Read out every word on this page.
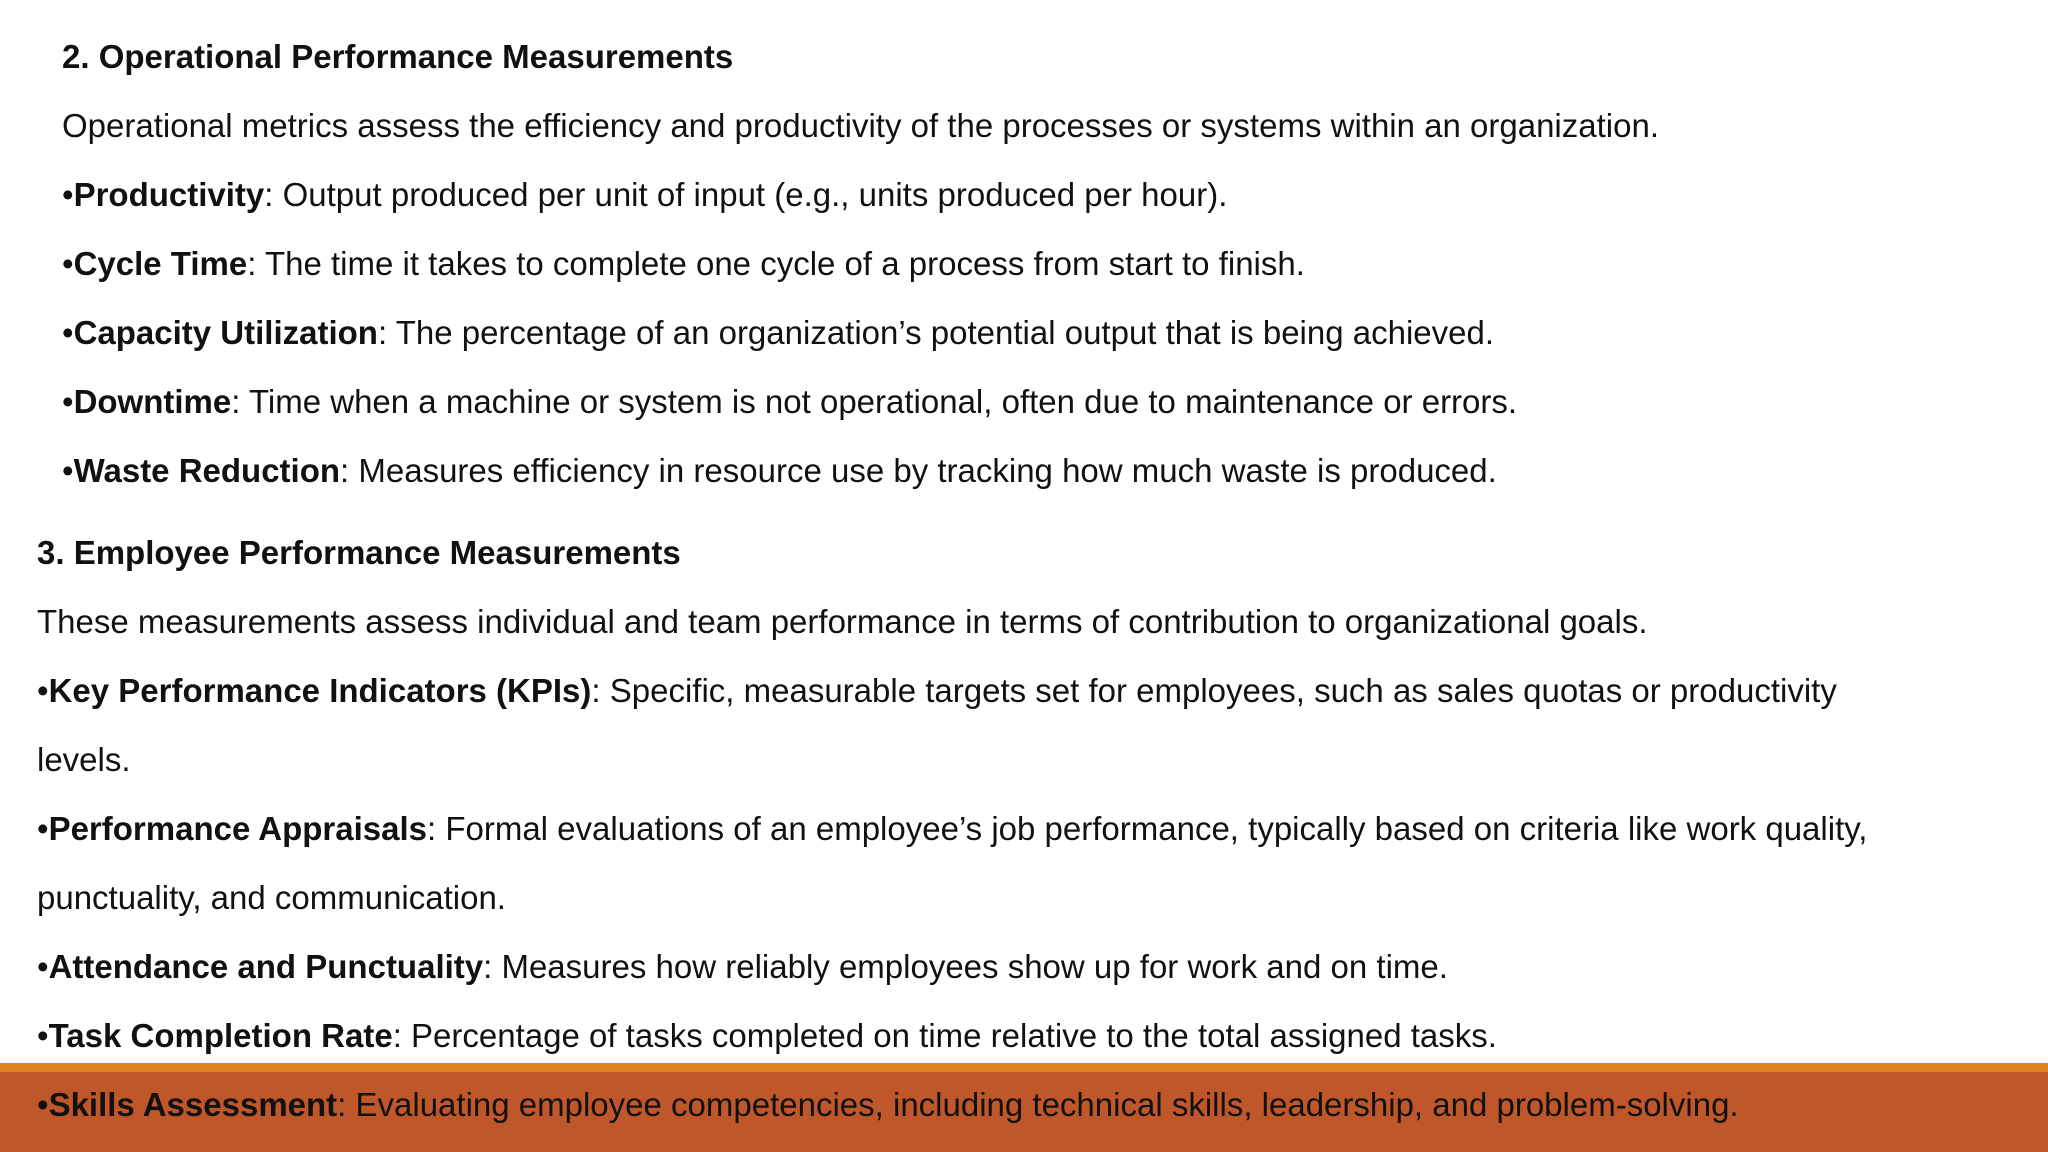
2. Operational Performance Measurements
Operational metrics assess the efficiency and productivity of the processes or systems within an organization.
•Productivity: Output produced per unit of input (e.g., units produced per hour).
•Cycle Time: The time it takes to complete one cycle of a process from start to finish.
•Capacity Utilization: The percentage of an organization’s potential output that is being achieved.
•Downtime: Time when a machine or system is not operational, often due to maintenance or errors.
•Waste Reduction: Measures efficiency in resource use by tracking how much waste is produced.
3. Employee Performance Measurements
These measurements assess individual and team performance in terms of contribution to organizational goals.
•Key Performance Indicators (KPIs): Specific, measurable targets set for employees, such as sales quotas or productivity
levels.
•Performance Appraisals: Formal evaluations of an employee’s job performance, typically based on criteria like work quality,
punctuality, and communication.
•Attendance and Punctuality: Measures how reliably employees show up for work and on time.
•Task Completion Rate: Percentage of tasks completed on time relative to the total assigned tasks.
•Skills Assessment: Evaluating employee competencies, including technical skills, leadership, and problem-solving.
